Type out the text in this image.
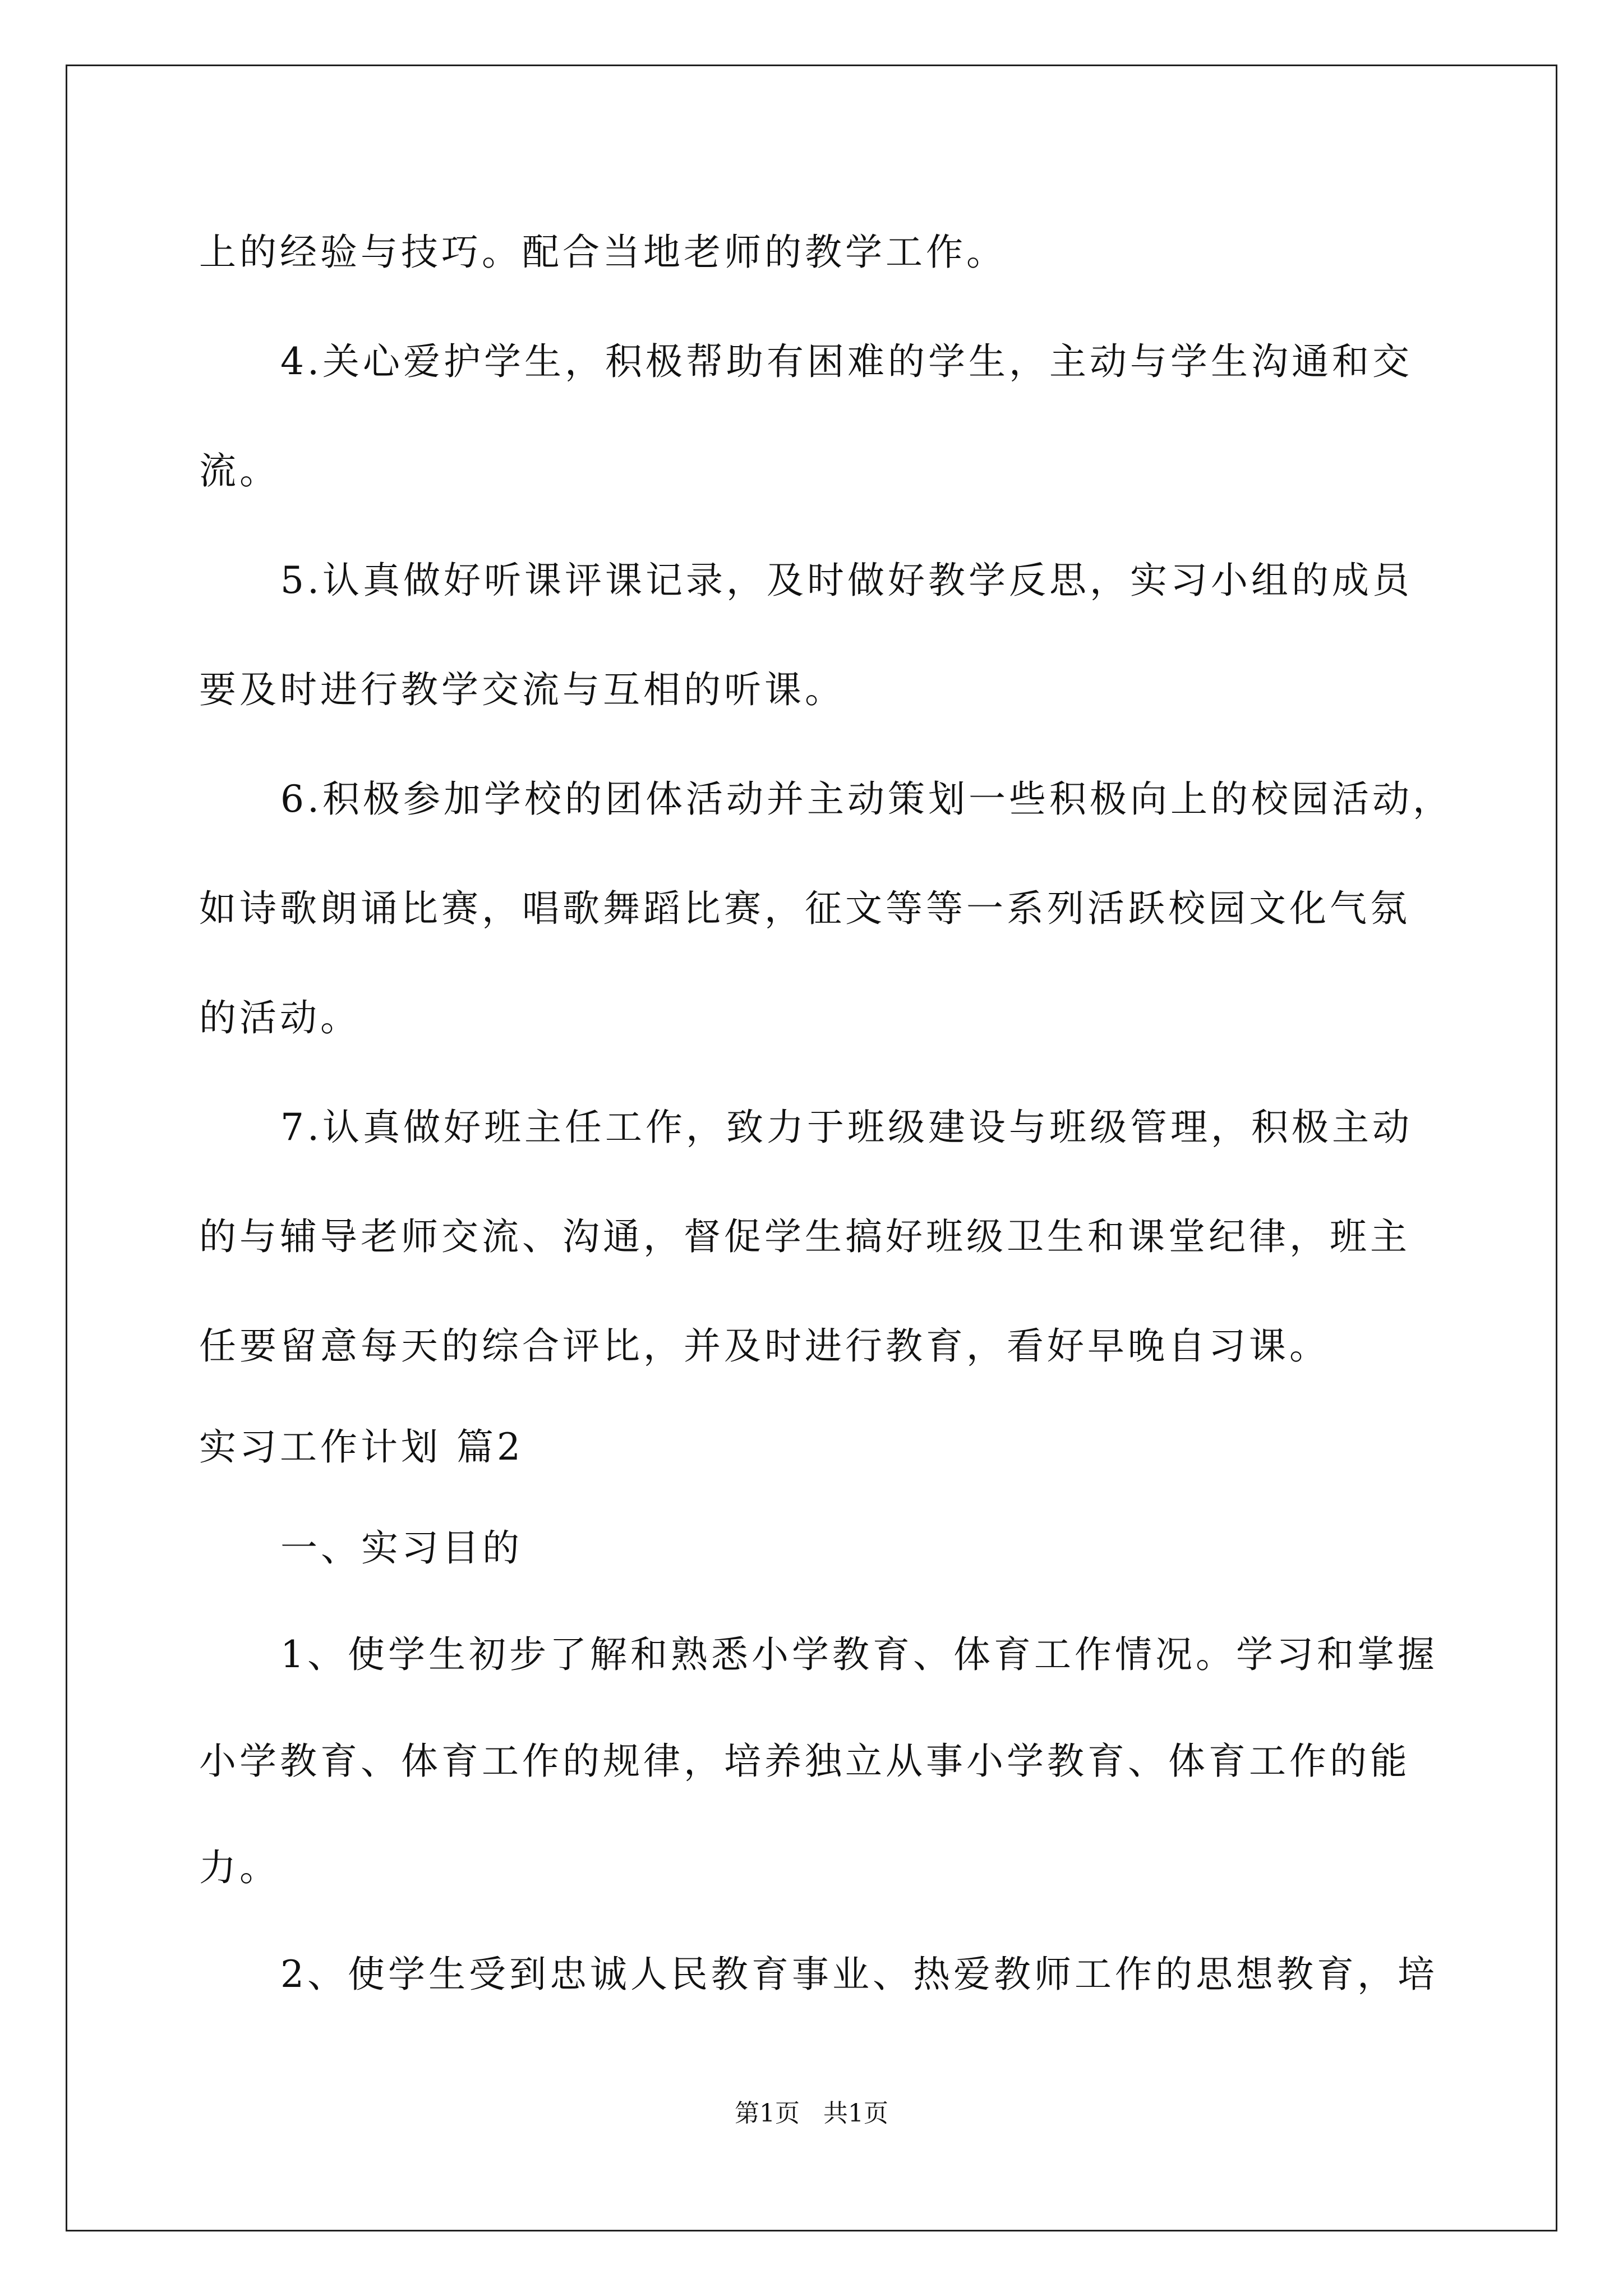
上的经验与技巧。配合当地老师的教学工作。
4.关心爱护学生，积极帮助有困难的学生，主动与学生沟通和交
流。
5.认真做好听课评课记录，及时做好教学反思，实习小组的成员
要及时进行教学交流与互相的听课。
6.积极参加学校的团体活动并主动策划一些积极向上的校园活动，
如诗歌朗诵比赛，唱歌舞蹈比赛，征文等等一系列活跃校园文化气氛
的活动。
7.认真做好班主任工作，致力于班级建设与班级管理，积极主动
的与辅导老师交流、沟通，督促学生搞好班级卫生和课堂纪律，班主
任要留意每天的综合评比，并及时进行教育，看好早晚自习课。
实习工作计划 篇2
一、实习目的
1、使学生初步了解和熟悉小学教育、体育工作情况。学习和掌握
小学教育、体育工作的规律，培养独立从事小学教育、体育工作的能
力。
2、使学生受到忠诚人民教育事业、热爱教师工作的思想教育，培
第1页   共1页
